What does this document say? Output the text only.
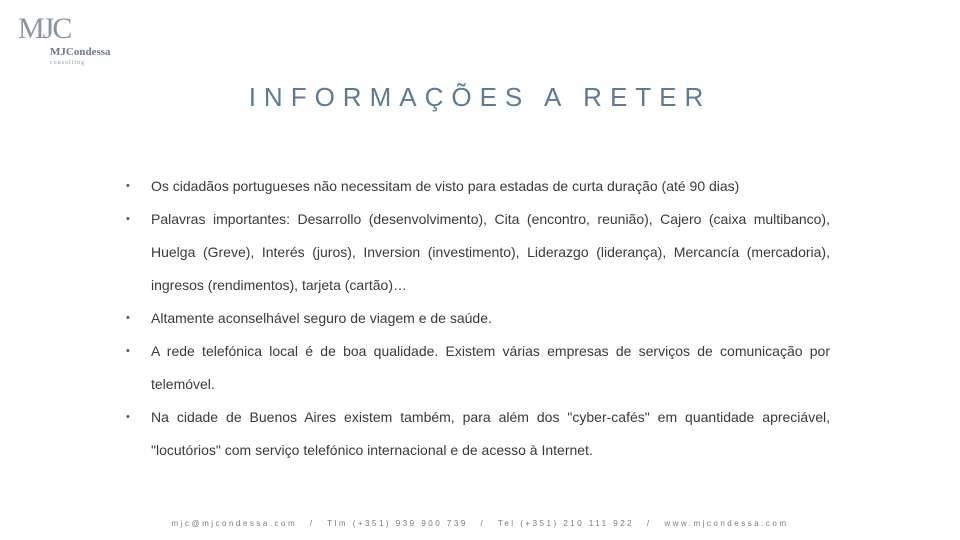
MJC
MJCondessa
consulting
INFORMAÇÕES A RETER
• Os cidadãos portugueses não necessitam de visto para estadas de curta duração (até 90 dias)
• Palavras importantes: Desarrollo (desenvolvimento), Cita (encontro, reunião), Cajero (caixa multibanco), Huelga (Greve), Interés (juros), Inversion (investimento), Liderazgo (liderança), Mercancía (mercadoria), ingresos (rendimentos), tarjeta (cartão)…
• Altamente aconselhável seguro de viagem e de saúde.
• A rede telefónica local é de boa qualidade. Existem várias empresas de serviços de comunicação por telemóvel.
• Na cidade de Buenos Aires existem também, para além dos "cyber-cafés" em quantidade apreciável, "locutórios" com serviço telefónico internacional e de acesso à Internet.
mjc@mjcondessa.com / Tlm (+351) 939 900 739 / Tel (+351) 210 111 922 / www.mjcondessa.com
